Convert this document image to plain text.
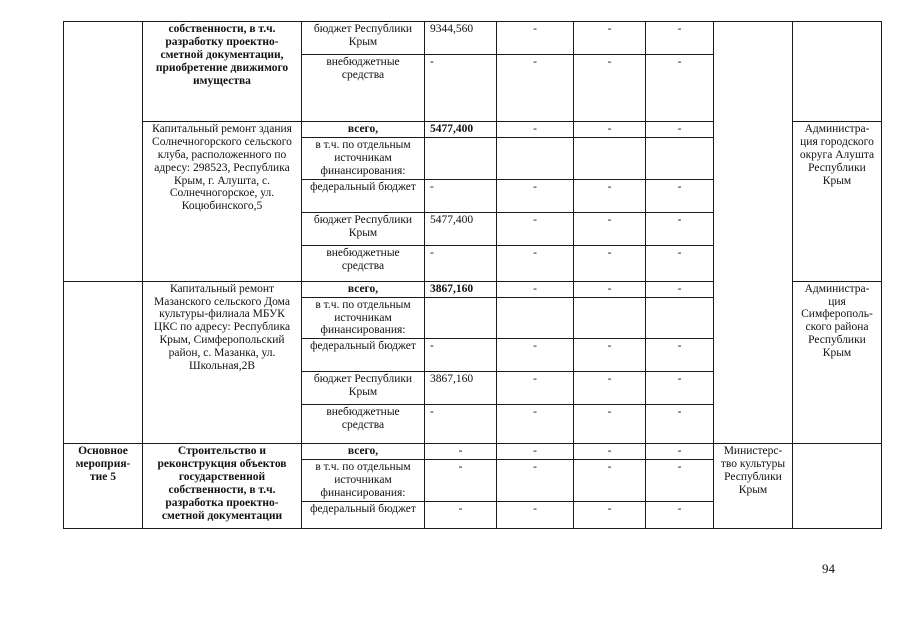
	собственности, в т.ч. разработку проектно-сметной документации, приобретение движимого имущества	бюджет Республики Крым	9344,560	-	-	-		
		внебюджетные средства	-	-	-	-		
	Капитальный ремонт здания Солнечногорского сельского клуба, расположенного по адресу: 298523, Республика Крым, г. Алушта, с. Солнечногорское, ул. Коцюбинского,5	всего,	5477,400	-	-	-		Администра-ция городского округа Алушта Республики Крым
		в т.ч. по отдельным источникам финансирования:						
		федеральный бюджет	-	-	-	-		
		бюджет Республики Крым	5477,400	-	-	-		
		внебюджетные средства	-	-	-	-		
	Капитальный ремонт Мазанского сельского Дома культуры-филиала МБУК ЦКС по адресу: Республика Крым, Симферопольский район, с. Мазанка, ул. Школьная,2В	всего,	3867,160	-	-	-		Администра-ция Симферополь-ского района Республики Крым
		в т.ч. по отдельным источникам финансирования:						
		федеральный бюджет	-	-	-	-		
		бюджет Республики Крым	3867,160	-	-	-		
		внебюджетные средства	-	-	-	-		
Основное мероприя-тие 5	Строительство и реконструкция объектов государственной собственности, в т.ч. разработка проектно-сметной документации	всего,	-	-	-	-	Министерс-тво культуры Республики Крым	
		в т.ч. по отдельным источникам финансирования:	-	-	-	-		
		федеральный бюджет	-	-	-	-		
94
